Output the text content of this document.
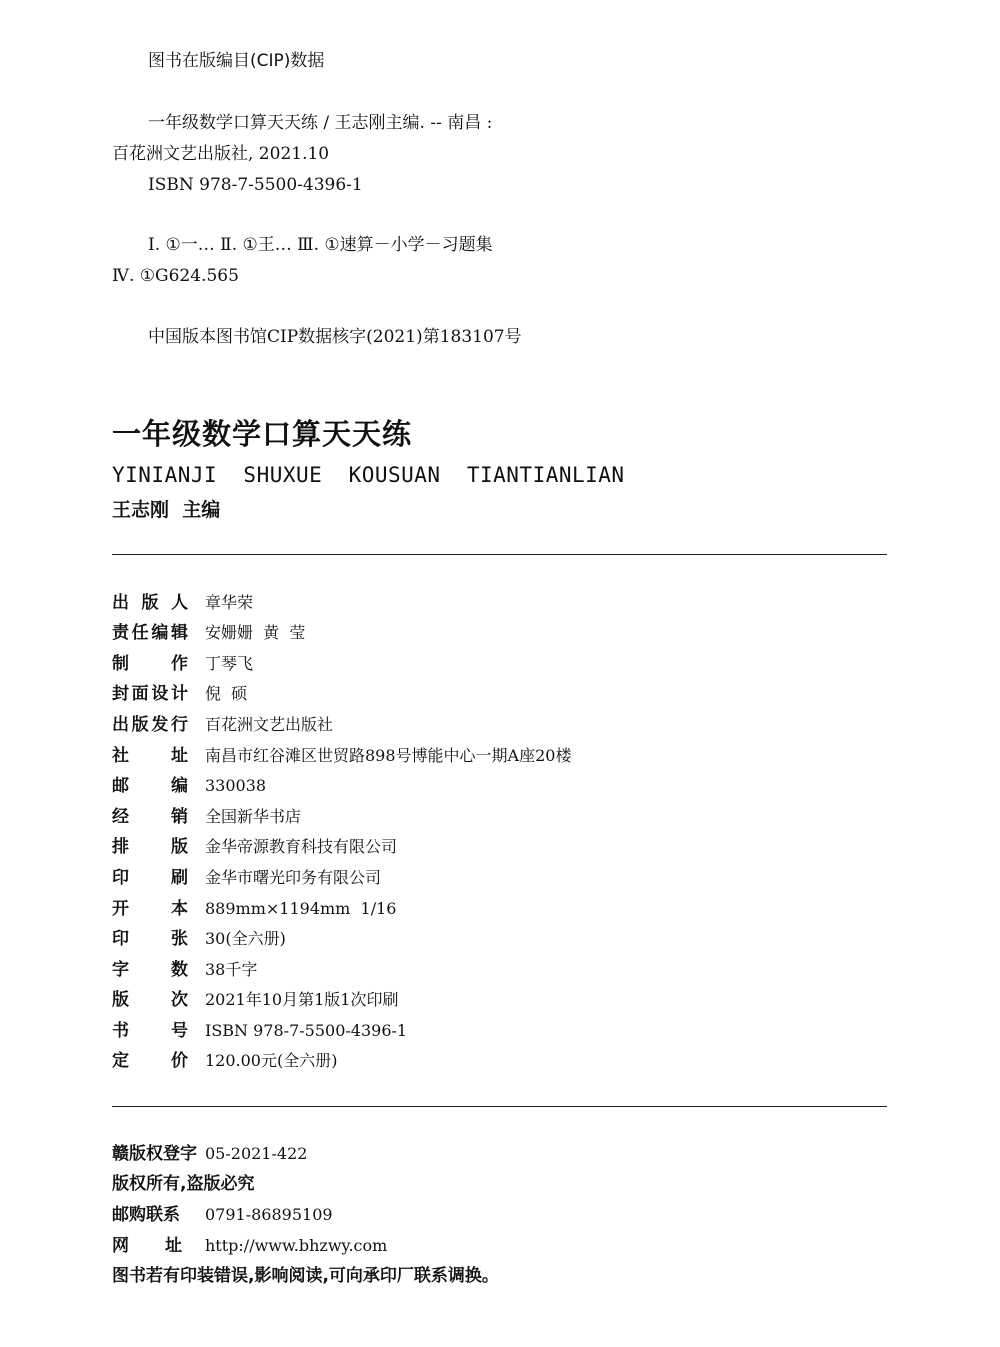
图书在版编目(CIP)数据
一年级数学口算天天练 / 王志刚主编. -- 南昌 :
百花洲文艺出版社, 2021.10
ISBN 978-7-5500-4396-1
Ⅰ. ①一… Ⅱ. ①王… Ⅲ. ①速算－小学－习题集
Ⅳ. ①G624.565
中国版本图书馆CIP数据核字(2021)第183107号
一年级数学口算天天练
YINIANJI  SHUXUE  KOUSUAN  TIANTIANLIAN
王志刚  主编
出 版 人 章华荣
责 任 编 辑 安姗姗  黄  莹
制 作 丁琴飞
封 面 设 计 倪  硕
出 版 发 行 百花洲文艺出版社
社 址 南昌市红谷滩区世贸路898号博能中心一期A座20楼
邮 编 330038
经 销 全国新华书店
排 版 金华帝源教育科技有限公司
印 刷 金华市曙光印务有限公司
开 本 889mm×1194mm  1/16
印 张 30(全六册)
字 数 38千字
版 次 2021年10月第1版1次印刷
书 号 ISBN 978-7-5500-4396-1
定 价 120.00元(全六册)
赣版权登字 05-2021-422
版权所有,盗版必究
邮购联系 0791-86895109
网 址 http://www.bhzwy.com
图书若有印装错误,影响阅读,可向承印厂联系调换。
